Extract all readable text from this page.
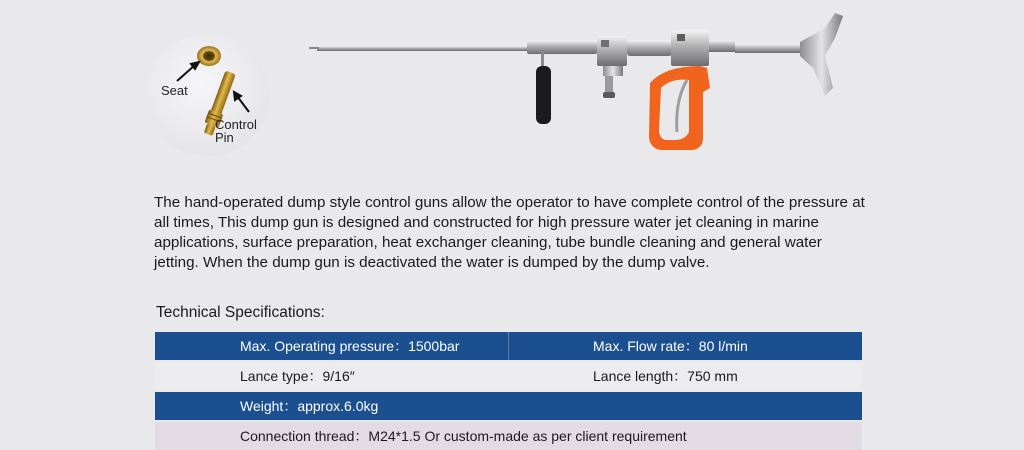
Seat
Control
Pin

The hand-operated dump style control guns allow the operator to have complete control of the pressure at all times, This dump gun is designed and constructed for high pressure water jet cleaning in marine applications, surface preparation, heat exchanger cleaning, tube bundle cleaning and general water jetting. When the dump gun is deactivated the water is dumped by the dump valve.

Technical Specifications:
Max. Operating pressure：1500bar	Max. Flow rate：80 l/min
Lance type：9/16″	Lance length：750 mm
Weight：approx.6.0kg
Connection thread：M24*1.5 Or custom-made as per client requirement
